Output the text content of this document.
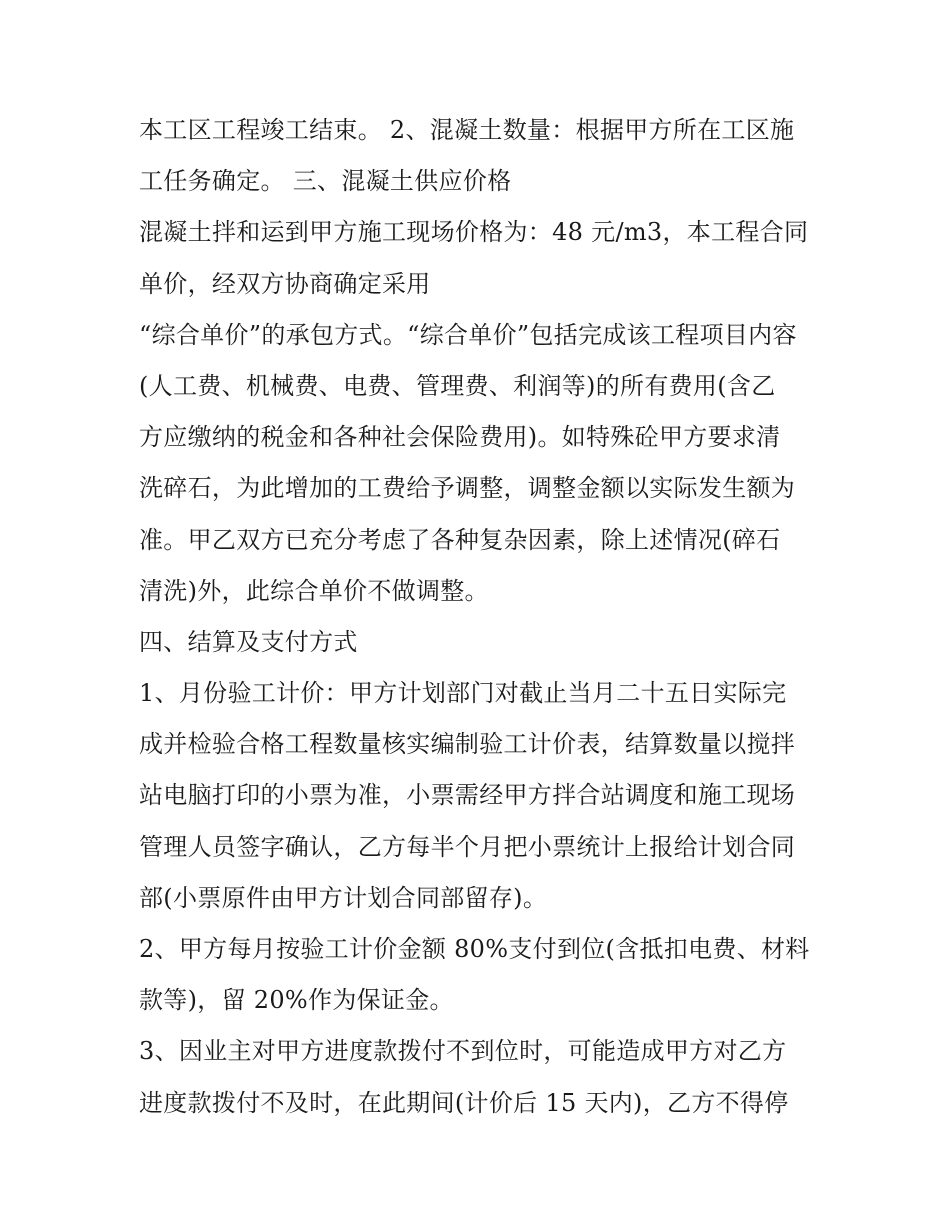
本工区工程竣工结束。 2、混凝土数量：根据甲方所在工区施
工任务确定。 三、混凝土供应价格
混凝土拌和运到甲方施工现场价格为：48 元/m3，本工程合同
单价，经双方协商确定采用
“综合单价”的承包方式。“综合单价”包括完成该工程项目内容
(人工费、机械费、电费、管理费、利润等)的所有费用(含乙
方应缴纳的税金和各种社会保险费用)。如特殊砼甲方要求清
洗碎石，为此增加的工费给予调整，调整金额以实际发生额为
准。甲乙双方已充分考虑了各种复杂因素，除上述情况(碎石
清洗)外，此综合单价不做调整。
四、结算及支付方式
1、月份验工计价：甲方计划部门对截止当月二十五日实际完
成并检验合格工程数量核实编制验工计价表，结算数量以搅拌
站电脑打印的小票为准，小票需经甲方拌合站调度和施工现场
管理人员签字确认，乙方每半个月把小票统计上报给计划合同
部(小票原件由甲方计划合同部留存)。
2、甲方每月按验工计价金额 80%支付到位(含抵扣电费、材料
款等)，留 20%作为保证金。
3、因业主对甲方进度款拨付不到位时，可能造成甲方对乙方
进度款拨付不及时，在此期间(计价后 15 天内)，乙方不得停
